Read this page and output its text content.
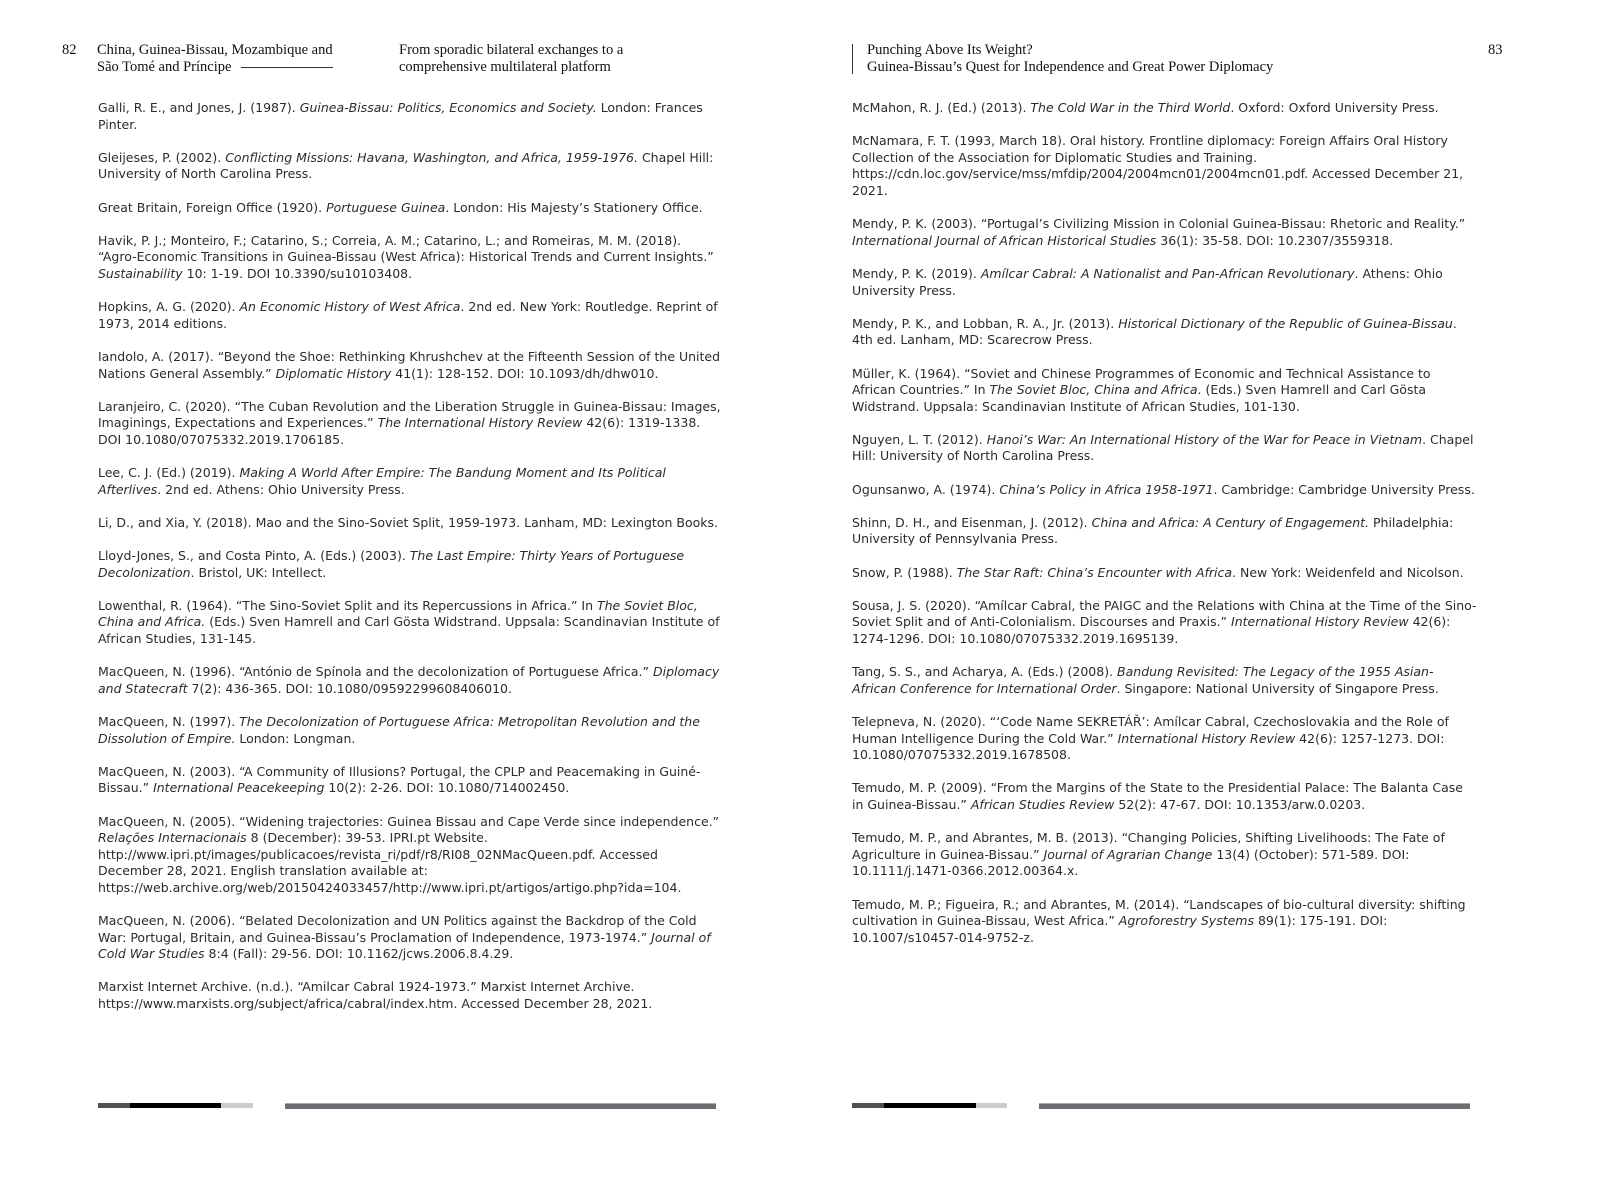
82 China, Guinea-Bissau, Mozambique and
São Tomé and Príncipe
From sporadic bilateral exchanges to a
comprehensive multilateral platform

Galli, R. E., and Jones, J. (1987). Guinea-Bissau: Politics, Economics and Society. London: Frances Pinter.

Gleijeses, P. (2002). Conflicting Missions: Havana, Washington, and Africa, 1959-1976. Chapel Hill: University of North Carolina Press.

Great Britain, Foreign Office (1920). Portuguese Guinea. London: His Majesty’s Stationery Office.

Havik, P. J.; Monteiro, F.; Catarino, S.; Correia, A. M.; Catarino, L.; and Romeiras, M. M. (2018). “Agro-Economic Transitions in Guinea-Bissau (West Africa): Historical Trends and Current Insights.” Sustainability 10: 1-19. DOI 10.3390/su10103408.

Hopkins, A. G. (2020). An Economic History of West Africa. 2nd ed. New York: Routledge. Reprint of 1973, 2014 editions.

Iandolo, A. (2017). “Beyond the Shoe: Rethinking Khrushchev at the Fifteenth Session of the United Nations General Assembly.” Diplomatic History 41(1): 128-152. DOI: 10.1093/dh/dhw010.

Laranjeiro, C. (2020). “The Cuban Revolution and the Liberation Struggle in Guinea-Bissau: Images, Imaginings, Expectations and Experiences.” The International History Review 42(6): 1319-1338. DOI 10.1080/07075332.2019.1706185.

Lee, C. J. (Ed.) (2019). Making A World After Empire: The Bandung Moment and Its Political Afterlives. 2nd ed. Athens: Ohio University Press.

Li, D., and Xia, Y. (2018). Mao and the Sino-Soviet Split, 1959-1973. Lanham, MD: Lexington Books.

Lloyd-Jones, S., and Costa Pinto, A. (Eds.) (2003). The Last Empire: Thirty Years of Portuguese Decolonization. Bristol, UK: Intellect.

Lowenthal, R. (1964). “The Sino-Soviet Split and its Repercussions in Africa.” In The Soviet Bloc, China and Africa. (Eds.) Sven Hamrell and Carl Gösta Widstrand. Uppsala: Scandinavian Institute of African Studies, 131-145.

MacQueen, N. (1996). “António de Spínola and the decolonization of Portuguese Africa.” Diplomacy and Statecraft 7(2): 436-365. DOI: 10.1080/09592299608406010.

MacQueen, N. (1997). The Decolonization of Portuguese Africa: Metropolitan Revolution and the Dissolution of Empire. London: Longman.

MacQueen, N. (2003). “A Community of Illusions? Portugal, the CPLP and Peacemaking in Guiné-Bissau.” International Peacekeeping 10(2): 2-26. DOI: 10.1080/714002450.

MacQueen, N. (2005). “Widening trajectories: Guinea Bissau and Cape Verde since independence.” Relações Internacionais 8 (December): 39-53. IPRI.pt Website. http://www.ipri.pt/images/publicacoes/revista_ri/pdf/r8/RI08_02NMacQueen.pdf. Accessed December 28, 2021. English translation available at: https://web.archive.org/web/20150424033457/http://www.ipri.pt/artigos/artigo.php?ida=104.

MacQueen, N. (2006). “Belated Decolonization and UN Politics against the Backdrop of the Cold War: Portugal, Britain, and Guinea-Bissau’s Proclamation of Independence, 1973-1974.” Journal of Cold War Studies 8:4 (Fall): 29-56. DOI: 10.1162/jcws.2006.8.4.29.

Marxist Internet Archive. (n.d.). “Amilcar Cabral 1924-1973.” Marxist Internet Archive. https://www.marxists.org/subject/africa/cabral/index.htm. Accessed December 28, 2021.

Punching Above Its Weight?
Guinea-Bissau’s Quest for Independence and Great Power Diplomacy
83

McMahon, R. J. (Ed.) (2013). The Cold War in the Third World. Oxford: Oxford University Press.

McNamara, F. T. (1993, March 18). Oral history. Frontline diplomacy: Foreign Affairs Oral History Collection of the Association for Diplomatic Studies and Training. https://cdn.loc.gov/service/mss/mfdip/2004/2004mcn01/2004mcn01.pdf. Accessed December 21, 2021.

Mendy, P. K. (2003). “Portugal’s Civilizing Mission in Colonial Guinea-Bissau: Rhetoric and Reality.” International Journal of African Historical Studies 36(1): 35-58. DOI: 10.2307/3559318.

Mendy, P. K. (2019). Amílcar Cabral: A Nationalist and Pan-African Revolutionary. Athens: Ohio University Press.

Mendy, P. K., and Lobban, R. A., Jr. (2013). Historical Dictionary of the Republic of Guinea-Bissau. 4th ed. Lanham, MD: Scarecrow Press.

Müller, K. (1964). “Soviet and Chinese Programmes of Economic and Technical Assistance to African Countries.” In The Soviet Bloc, China and Africa. (Eds.) Sven Hamrell and Carl Gösta Widstrand. Uppsala: Scandinavian Institute of African Studies, 101-130.

Nguyen, L. T. (2012). Hanoi’s War: An International History of the War for Peace in Vietnam. Chapel Hill: University of North Carolina Press.

Ogunsanwo, A. (1974). China’s Policy in Africa 1958-1971. Cambridge: Cambridge University Press.

Shinn, D. H., and Eisenman, J. (2012). China and Africa: A Century of Engagement. Philadelphia: University of Pennsylvania Press.

Snow, P. (1988). The Star Raft: China’s Encounter with Africa. New York: Weidenfeld and Nicolson.

Sousa, J. S. (2020). “Amílcar Cabral, the PAIGC and the Relations with China at the Time of the Sino-Soviet Split and of Anti-Colonialism. Discourses and Praxis.” International History Review 42(6): 1274-1296. DOI: 10.1080/07075332.2019.1695139.

Tang, S. S., and Acharya, A. (Eds.) (2008). Bandung Revisited: The Legacy of the 1955 Asian-African Conference for International Order. Singapore: National University of Singapore Press.

Telepneva, N. (2020). “‘Code Name SEKRETÁŘ’: Amílcar Cabral, Czechoslovakia and the Role of Human Intelligence During the Cold War.” International History Review 42(6): 1257-1273. DOI: 10.1080/07075332.2019.1678508.

Temudo, M. P. (2009). “From the Margins of the State to the Presidential Palace: The Balanta Case in Guinea-Bissau.” African Studies Review 52(2): 47-67. DOI: 10.1353/arw.0.0203.

Temudo, M. P., and Abrantes, M. B. (2013). “Changing Policies, Shifting Livelihoods: The Fate of Agriculture in Guinea-Bissau.” Journal of Agrarian Change 13(4) (October): 571-589. DOI: 10.1111/j.1471-0366.2012.00364.x.

Temudo, M. P.; Figueira, R.; and Abrantes, M. (2014). “Landscapes of bio-cultural diversity: shifting cultivation in Guinea-Bissau, West Africa.” Agroforestry Systems 89(1): 175-191. DOI: 10.1007/s10457-014-9752-z.
